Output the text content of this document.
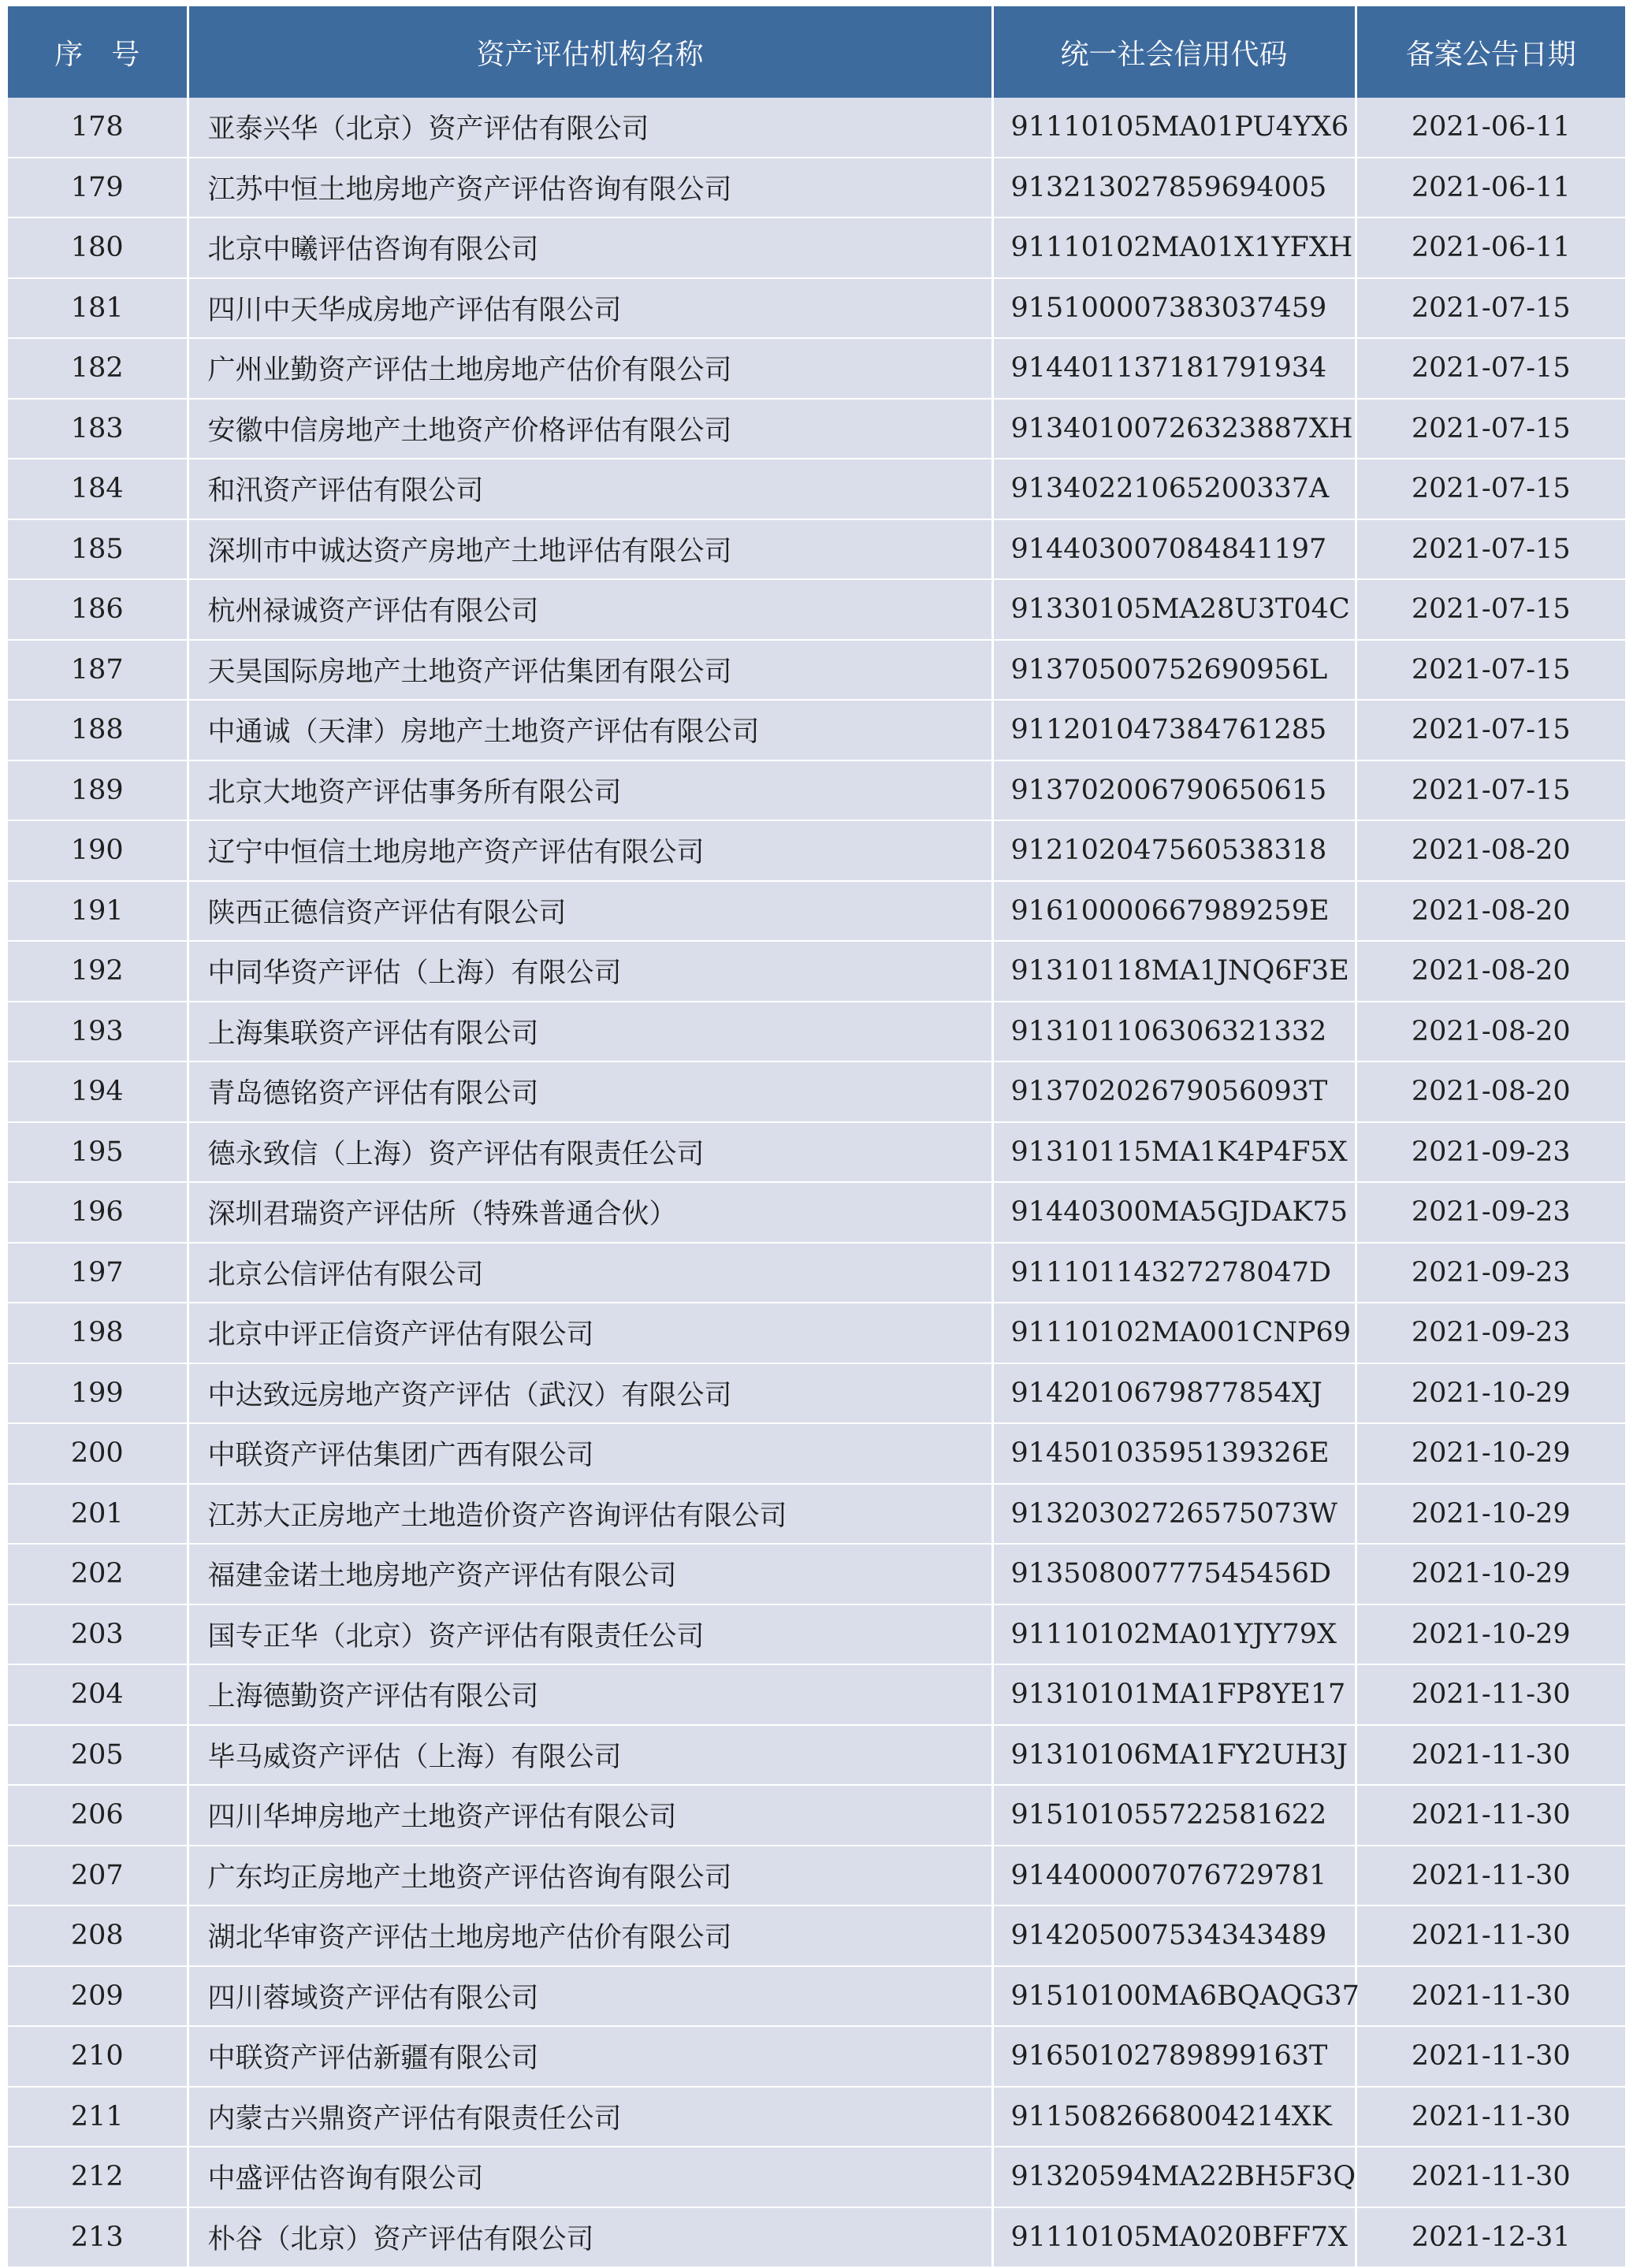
序　号	资产评估机构名称	统一社会信用代码	备案公告日期
178	亚泰兴华（北京）资产评估有限公司	91110105MA01PU4YX6	2021-06-11
179	江苏中恒土地房地产资产评估咨询有限公司	913213027859694005	2021-06-11
180	北京中曦评估咨询有限公司	91110102MA01X1YFXH	2021-06-11
181	四川中天华成房地产评估有限公司	915100007383037459	2021-07-15
182	广州业勤资产评估土地房地产估价有限公司	914401137181791934	2021-07-15
183	安徽中信房地产土地资产价格评估有限公司	91340100726323887XH	2021-07-15
184	和汛资产评估有限公司	91340221065200337A	2021-07-15
185	深圳市中诚达资产房地产土地评估有限公司	914403007084841197	2021-07-15
186	杭州禄诚资产评估有限公司	91330105MA28U3T04C	2021-07-15
187	天昊国际房地产土地资产评估集团有限公司	91370500752690956L	2021-07-15
188	中通诚（天津）房地产土地资产评估有限公司	911201047384761285	2021-07-15
189	北京大地资产评估事务所有限公司	913702006790650615	2021-07-15
190	辽宁中恒信土地房地产资产评估有限公司	912102047560538318	2021-08-20
191	陕西正德信资产评估有限公司	91610000667989259E	2021-08-20
192	中同华资产评估（上海）有限公司	91310118MA1JNQ6F3E	2021-08-20
193	上海集联资产评估有限公司	913101106306321332	2021-08-20
194	青岛德铭资产评估有限公司	91370202679056093T	2021-08-20
195	德永致信（上海）资产评估有限责任公司	91310115MA1K4P4F5X	2021-09-23
196	深圳君瑞资产评估所（特殊普通合伙）	91440300MA5GJDAK75	2021-09-23
197	北京公信评估有限公司	91110114327278047D	2021-09-23
198	北京中评正信资产评估有限公司	91110102MA001CNP69	2021-09-23
199	中达致远房地产资产评估（武汉）有限公司	9142010679877854XJ	2021-10-29
200	中联资产评估集团广西有限公司	91450103595139326E	2021-10-29
201	江苏大正房地产土地造价资产咨询评估有限公司	91320302726575073W	2021-10-29
202	福建金诺土地房地产资产评估有限公司	91350800777545456D	2021-10-29
203	国专正华（北京）资产评估有限责任公司	91110102MA01YJY79X	2021-10-29
204	上海德勤资产评估有限公司	91310101MA1FP8YE17	2021-11-30
205	毕马威资产评估（上海）有限公司	91310106MA1FY2UH3J	2021-11-30
206	四川华坤房地产土地资产评估有限公司	915101055722581622	2021-11-30
207	广东均正房地产土地资产评估咨询有限公司	914400007076729781	2021-11-30
208	湖北华审资产评估土地房地产估价有限公司	914205007534343489	2021-11-30
209	四川蓉域资产评估有限公司	91510100MA6BQAQG37	2021-11-30
210	中联资产评估新疆有限公司	91650102789899163T	2021-11-30
211	内蒙古兴鼎资产评估有限责任公司	9115082668004214XK	2021-11-30
212	中盛评估咨询有限公司	91320594MA22BH5F3Q	2021-11-30
213	朴谷（北京）资产评估有限公司	91110105MA020BFF7X	2021-12-31
